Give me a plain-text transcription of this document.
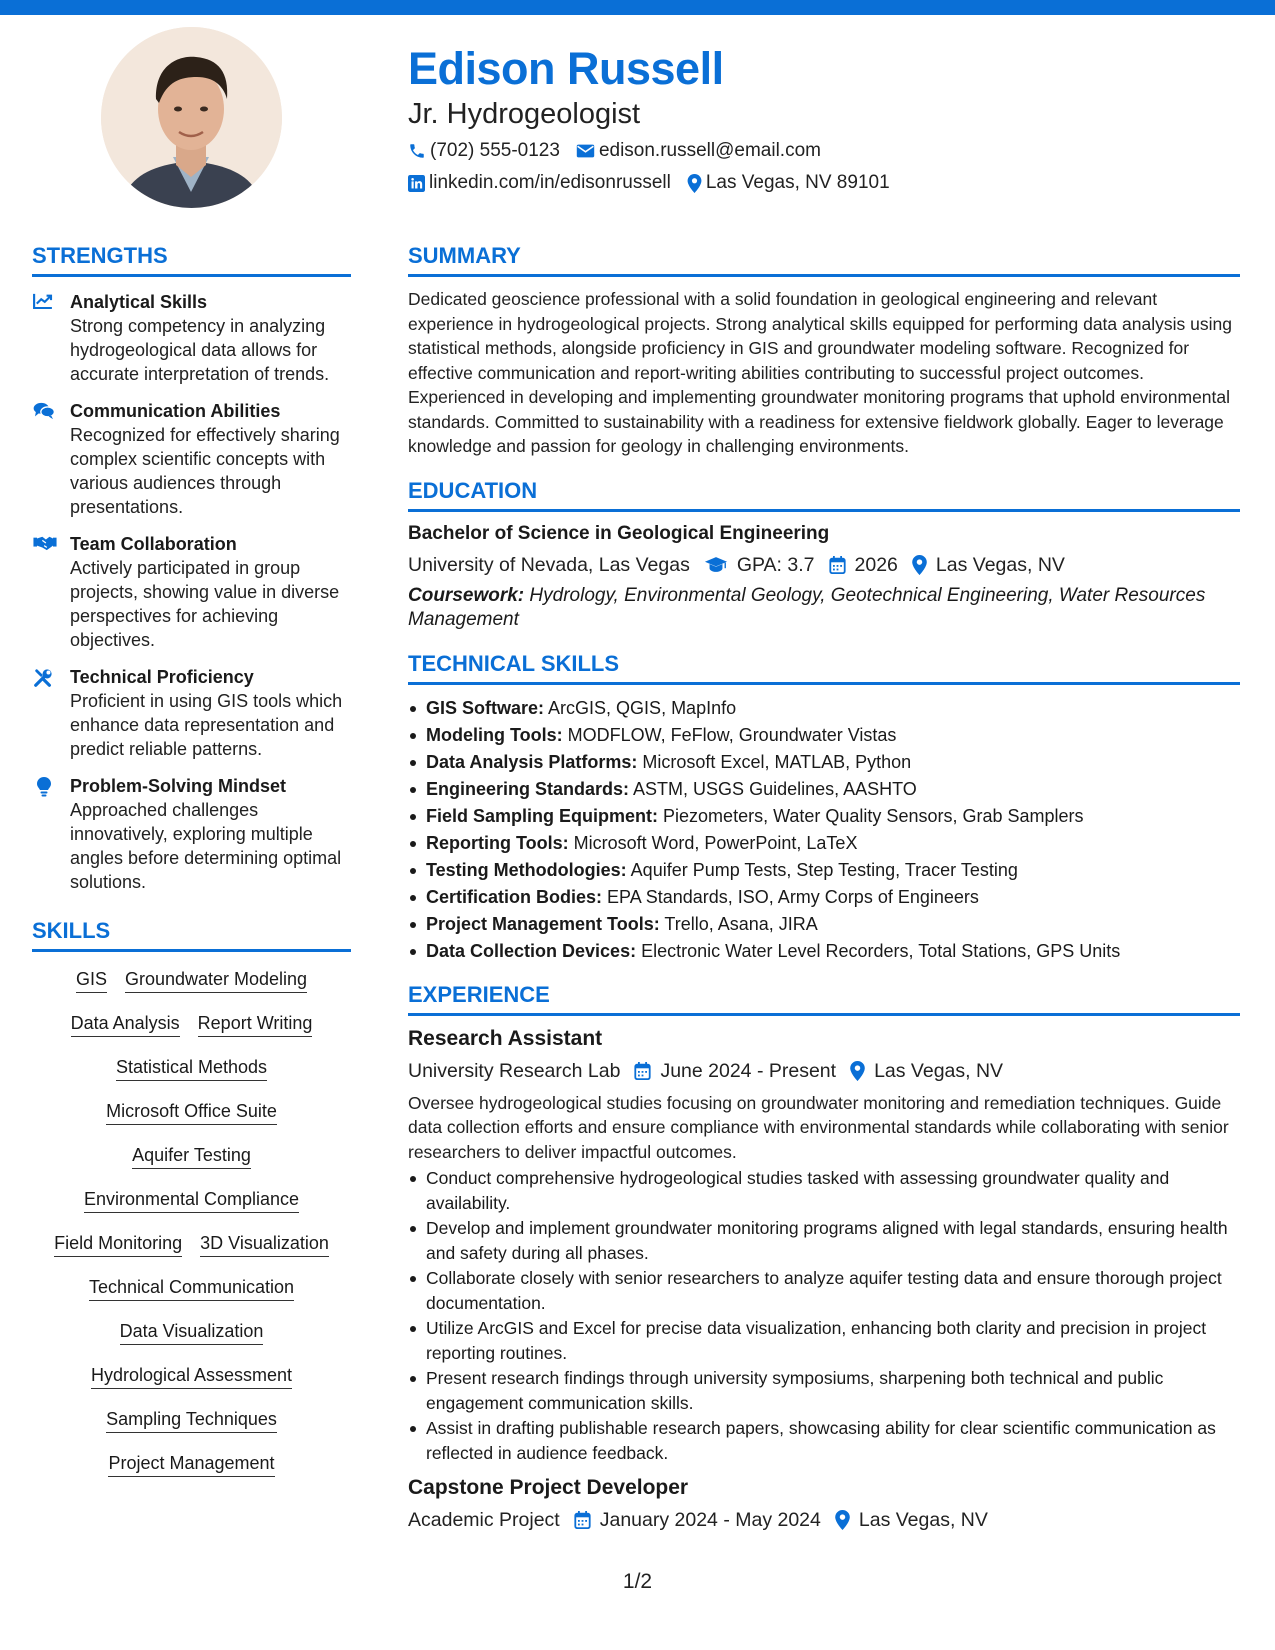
Edison Russell
Jr. Hydrogeologist
(702) 555-0123 edison.russell@email.com
linkedin.com/in/edisonrussell Las Vegas, NV 89101
STRENGTHS
Analytical Skills
Strong competency in analyzing hydrogeological data allows for accurate interpretation of trends.
Communication Abilities
Recognized for effectively sharing complex scientific concepts with various audiences through presentations.
Team Collaboration
Actively participated in group projects, showing value in diverse perspectives for achieving objectives.
Technical Proficiency
Proficient in using GIS tools which enhance data representation and predict reliable patterns.
Problem-Solving Mindset
Approached challenges innovatively, exploring multiple angles before determining optimal solutions.
SKILLS
GIS Groundwater Modeling
Data Analysis Report Writing
Statistical Methods
Microsoft Office Suite
Aquifer Testing
Environmental Compliance
Field Monitoring 3D Visualization
Technical Communication
Data Visualization
Hydrological Assessment
Sampling Techniques
Project Management
SUMMARY
Dedicated geoscience professional with a solid foundation in geological engineering and relevant experience in hydrogeological projects. Strong analytical skills equipped for performing data analysis using statistical methods, alongside proficiency in GIS and groundwater modeling software. Recognized for effective communication and report-writing abilities contributing to successful project outcomes. Experienced in developing and implementing groundwater monitoring programs that uphold environmental standards. Committed to sustainability with a readiness for extensive fieldwork globally. Eager to leverage knowledge and passion for geology in challenging environments.
EDUCATION
Bachelor of Science in Geological Engineering
University of Nevada, Las Vegas GPA: 3.7 2026 Las Vegas, NV
Coursework: Hydrology, Environmental Geology, Geotechnical Engineering, Water Resources Management
TECHNICAL SKILLS
GIS Software: ArcGIS, QGIS, MapInfo
Modeling Tools: MODFLOW, FeFlow, Groundwater Vistas
Data Analysis Platforms: Microsoft Excel, MATLAB, Python
Engineering Standards: ASTM, USGS Guidelines, AASHTO
Field Sampling Equipment: Piezometers, Water Quality Sensors, Grab Samplers
Reporting Tools: Microsoft Word, PowerPoint, LaTeX
Testing Methodologies: Aquifer Pump Tests, Step Testing, Tracer Testing
Certification Bodies: EPA Standards, ISO, Army Corps of Engineers
Project Management Tools: Trello, Asana, JIRA
Data Collection Devices: Electronic Water Level Recorders, Total Stations, GPS Units
EXPERIENCE
Research Assistant
University Research Lab June 2024 - Present Las Vegas, NV
Oversee hydrogeological studies focusing on groundwater monitoring and remediation techniques. Guide data collection efforts and ensure compliance with environmental standards while collaborating with senior researchers to deliver impactful outcomes.
Conduct comprehensive hydrogeological studies tasked with assessing groundwater quality and availability.
Develop and implement groundwater monitoring programs aligned with legal standards, ensuring health and safety during all phases.
Collaborate closely with senior researchers to analyze aquifer testing data and ensure thorough project documentation.
Utilize ArcGIS and Excel for precise data visualization, enhancing both clarity and precision in project reporting routines.
Present research findings through university symposiums, sharpening both technical and public engagement communication skills.
Assist in drafting publishable research papers, showcasing ability for clear scientific communication as reflected in audience feedback.
Capstone Project Developer
Academic Project January 2024 - May 2024 Las Vegas, NV
1/2
